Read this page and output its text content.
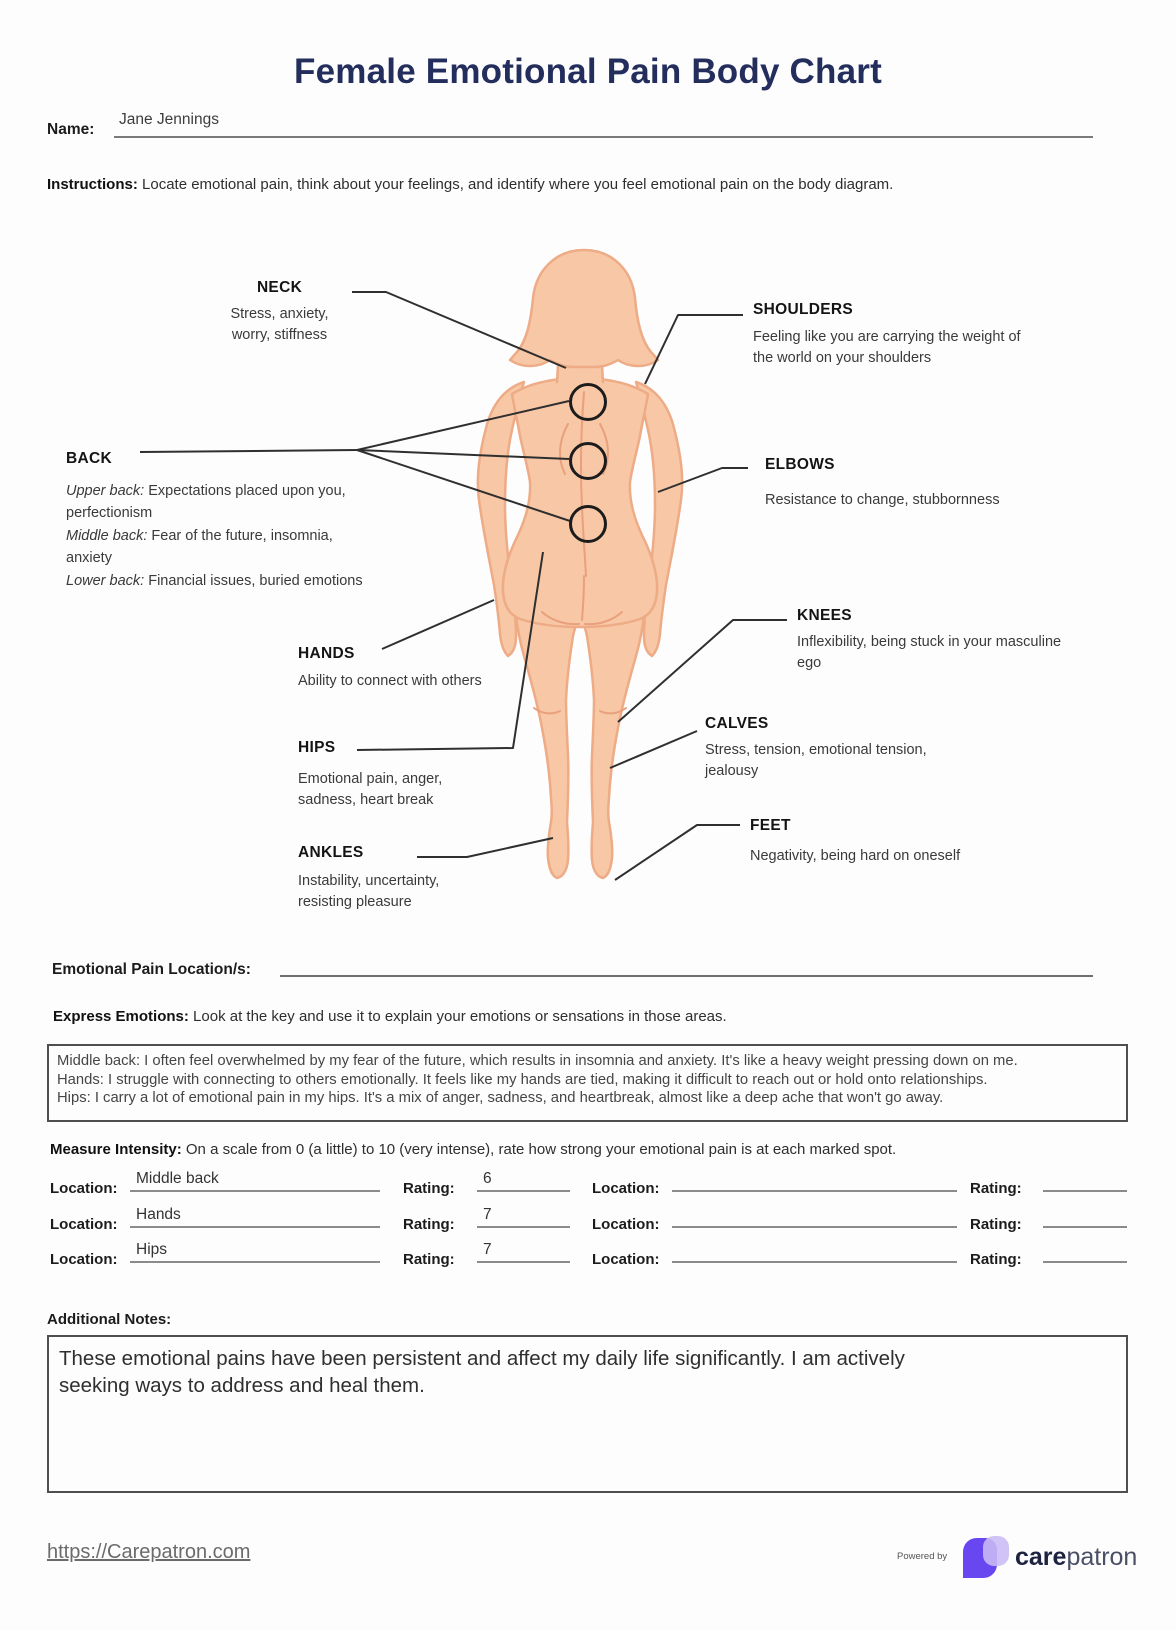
Female Emotional Pain Body Chart
Name:
Jane Jennings
Instructions: Locate emotional pain, think about your feelings, and identify where you feel emotional pain on the body diagram.
NECK
Stress, anxiety,
worry, stiffness
SHOULDERS
Feeling like you are carrying the weight of
the world on your shoulders
BACK

Upper back: Expectations placed upon you, perfectionism

Middle back: Fear of the future, insomnia, anxiety

Lower back: Financial issues, buried emotions

ELBOWS
Resistance to change, stubbornness
HANDS
Ability to connect with others
KNEES
Inflexibility, being stuck in your masculine
ego
CALVES
Stress, tension, emotional tension,
jealousy
HIPS
Emotional pain, anger,
sadness, heart break
FEET
Negativity, being hard on oneself
ANKLES
Instability, uncertainty,
resisting pleasure
Emotional Pain Location/s:
Express Emotions: Look at the key and use it to explain your emotions or sensations in those areas.

Middle back: I often feel overwhelmed by my fear of the future, which results in insomnia and anxiety. It's like a heavy weight pressing down on me.

Hands: I struggle with connecting to others emotionally. It feels like my hands are tied, making it difficult to reach out or hold onto relationships.

Hips: I carry a lot of emotional pain in my hips. It's a mix of anger, sadness, and heartbreak, almost like a deep ache that won't go away.

Measure Intensity: On a scale from 0 (a little) to 10 (very intense), rate how strong your emotional pain is at each marked spot.
Location:
Middle back
Rating:
6
Location:	Rating:
Location:
Hands
Rating:
7
Location:	Rating:
Location:
Hips
Rating:
7
Location:	Rating:
Additional Notes:

These emotional pains have been persistent and affect my daily life significantly. I am actively

seeking ways to address and heal them.

https://Carepatron.com	Powered by	carepatron
